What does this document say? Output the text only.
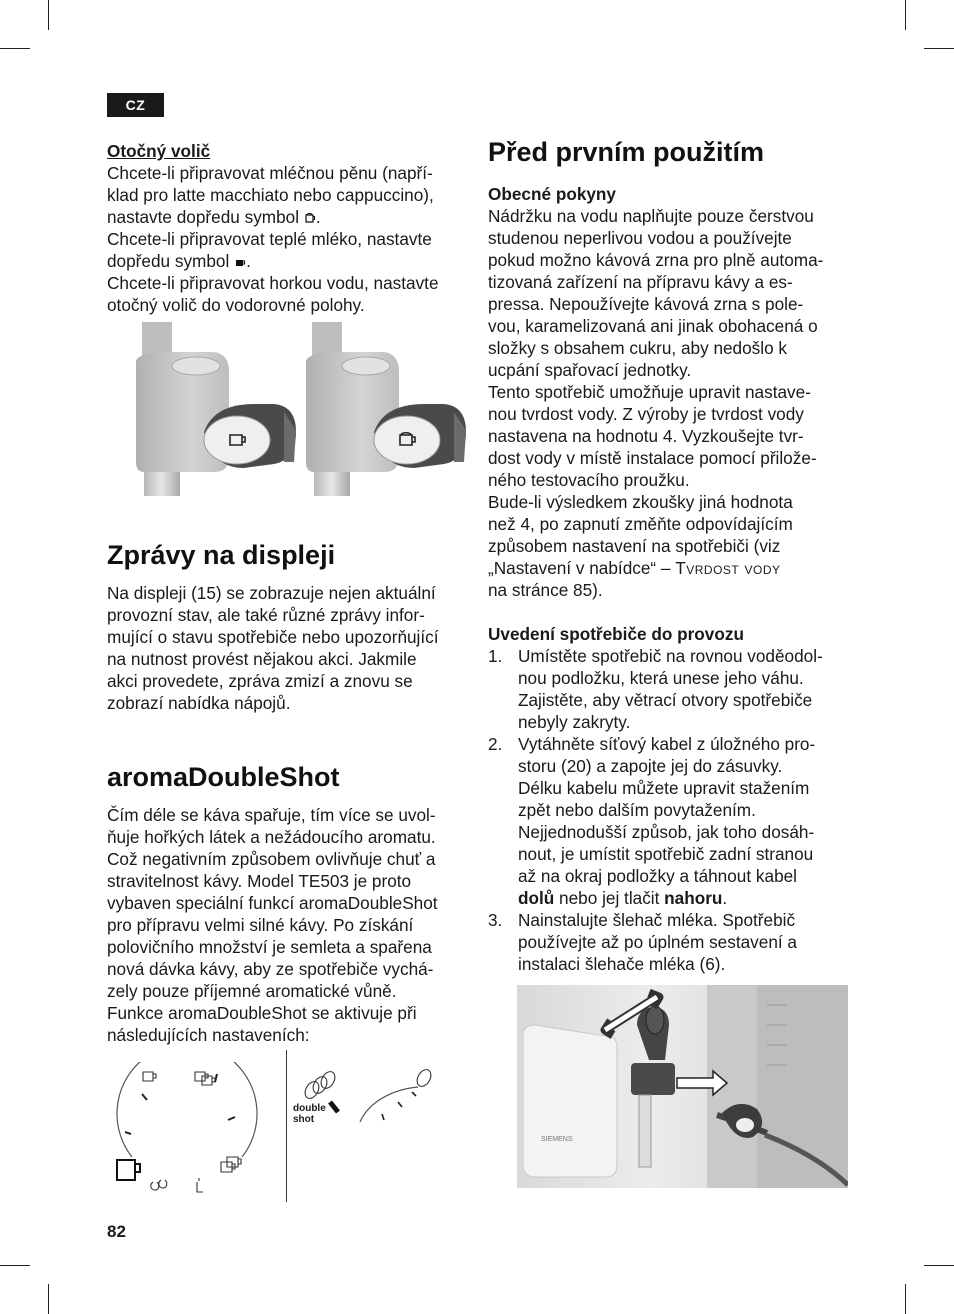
CZ

Otočný volič

Chcete-li připravovat mléčnou pěnu (napří-

klad pro latte macchiato nebo cappuccino),

nastavte dopředu symbol .

Chcete-li připravovat teplé mléko, nastavte

dopředu symbol .

Chcete-li připravovat horkou vodu, nastavte

otočný volič do vodorovné polohy.

Zprávy na displeji

Na displeji (15) se zobrazuje nejen aktuální

provozní stav, ale také různé zprávy infor-

mující o stavu spotřebiče nebo upozorňující

na nutnost provést nějakou akci. Jakmile

akci provedete, zpráva zmizí a znovu se

zobrazí nabídka nápojů.

aromaDoubleShot

Čím déle se káva spařuje, tím více se uvol-

ňuje hořkých látek a nežádoucího aromatu.

Což negativním způsobem ovlivňuje chuť a

stravitelnost kávy. Model TE503 je proto

vybaven speciální funkcí aromaDoubleShot

pro přípravu velmi silné kávy. Po získání

polovičního množství je semleta a spařena

nová dávka kávy, aby ze spotřebiče vychá-

zely pouze příjemné aromatické vůně.

Funkce aromaDoubleShot se aktivuje při

následujících nastaveních:

double
shot
Před prvním použitím

Obecné pokyny

Nádržku na vodu naplňujte pouze čerstvou

studenou neperlivou vodou a používejte

pokud možno kávová zrna pro plně automa-

tizovaná zařízení na přípravu kávy a es-

pressa. Nepoužívejte kávová zrna s pole-

vou, karamelizovaná ani jinak obohacená o

složky s obsahem cukru, aby nedošlo k

ucpání spařovací jednotky.

Tento spotřebič umožňuje upravit nastave-

nou tvrdost vody. Z výroby je tvrdost vody

nastavena na hodnotu 4. Vyzkoušejte tvr-

dost vody v místě instalace pomocí přilože-

ného testovacího proužku.

Bude-li výsledkem zkoušky jiná hodnota

než 4, po zapnutí změňte odpovídajícím

způsobem nastavení na spotřebiči (viz

„Nastavení v nabídce“ – Tvrdost vody

na stránce 85).

Uvedení spotřebiče do provozu

1. Umístěte spotřebič na rovnou voděodol-

nou podložku, která unese jeho váhu.

Zajistěte, aby větrací otvory spotřebiče

nebyly zakryty.

2. Vytáhněte síťový kabel z úložného pro-

storu (20) a zapojte jej do zásuvky.

Délku kabelu můžete upravit stažením

zpět nebo dalším povytažením.

Nejjednodušší způsob, jak toho dosáh-

nout, je umístit spotřebič zadní stranou

až na okraj podložky a táhnout kabel

dolů nebo jej tlačit nahoru.

3. Nainstalujte šlehač mléka. Spotřebič

používejte až po úplném sestavení a

instalaci šlehače mléka (6).

SIEMENS
82
